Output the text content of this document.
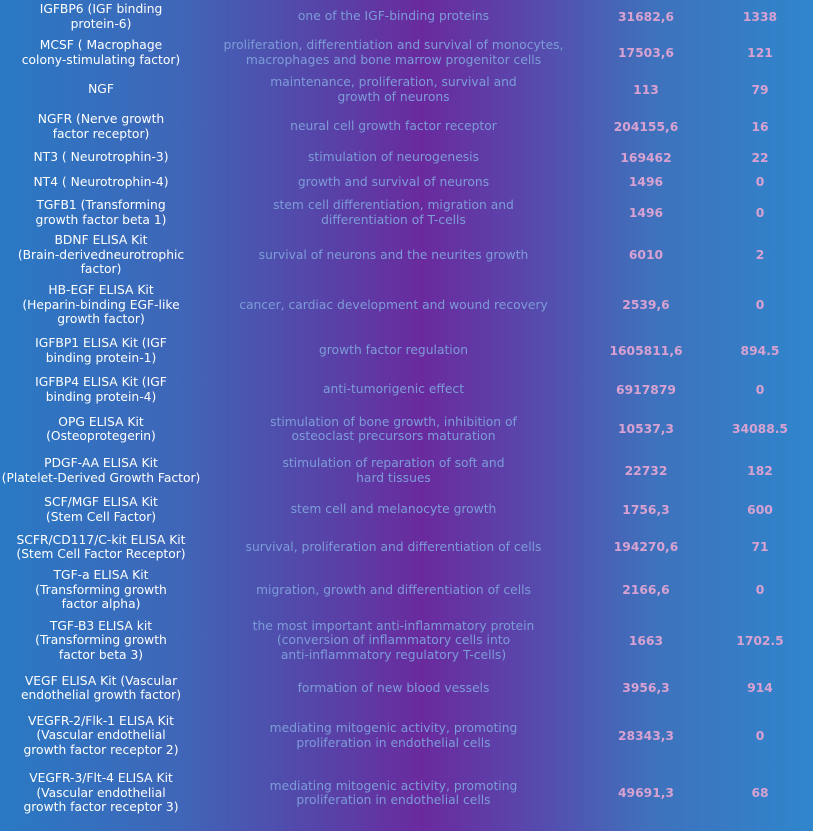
IGFBP6 (IGF binding
protein-6)	one of the IGF-binding proteins	31682,6	1338

MCSF ( Macrophage
colony-stimulating factor)	proliferation, differentiation and survival of monocytes,
macrophages and bone marrow progenitor cells	17503,6	121

NGF	maintenance, proliferation, survival and
growth of neurons	113	79

NGFR (Nerve growth
factor receptor)	neural cell growth factor receptor	204155,6	16

NT3 ( Neurotrophin-3)	stimulation of neurogenesis	169462	22

NT4 ( Neurotrophin-4)	growth and survival of neurons	1496	0

TGFB1 (Transforming
growth factor beta 1)	stem cell differentiation, migration and
differentiation of T-cells	1496	0

BDNF ELISA Kit
(Brain-derivedneurotrophic
factor)	survival of neurons and the neurites growth	6010	2

HB-EGF ELISA Kit
(Heparin-binding EGF-like
growth factor)	cancer, cardiac development and wound recovery	2539,6	0

IGFBP1 ELISA Kit (IGF
binding protein-1)	growth factor regulation	1605811,6	894.5

IGFBP4 ELISA Kit (IGF
binding protein-4)	anti-tumorigenic effect	6917879	0

OPG ELISA Kit
(Osteoprotegerin)	stimulation of bone growth, inhibition of
osteoclast precursors maturation	10537,3	34088.5

PDGF-AA ELISA Kit
(Platelet-Derived Growth Factor)	stimulation of reparation of soft and
hard tissues	22732	182

SCF/MGF ELISA Kit
(Stem Cell Factor)	stem cell and melanocyte growth	1756,3	600

SCFR/CD117/C-kit ELISA Kit
(Stem Cell Factor Receptor)	survival, proliferation and differentiation of cells	194270,6	71

TGF-a ELISA Kit
(Transforming growth
factor alpha)	migration, growth and differentiation of cells	2166,6	0

TGF-B3 ELISA kit
(Transforming growth
factor beta 3)	the most important anti-inflammatory protein
(conversion of inflammatory cells into
anti-inflammatory regulatory T-cells)	1663	1702.5

VEGF ELISA Kit (Vascular
endothelial growth factor)	formation of new blood vessels	3956,3	914

VEGFR-2/Flk-1 ELISA Kit
(Vascular endothelial
growth factor receptor 2)	mediating mitogenic activity, promoting
proliferation in endothelial cells	28343,3	0

VEGFR-3/Flt-4 ELISA Kit
(Vascular endothelial
growth factor receptor 3)	mediating mitogenic activity, promoting
proliferation in endothelial cells	49691,3	68
